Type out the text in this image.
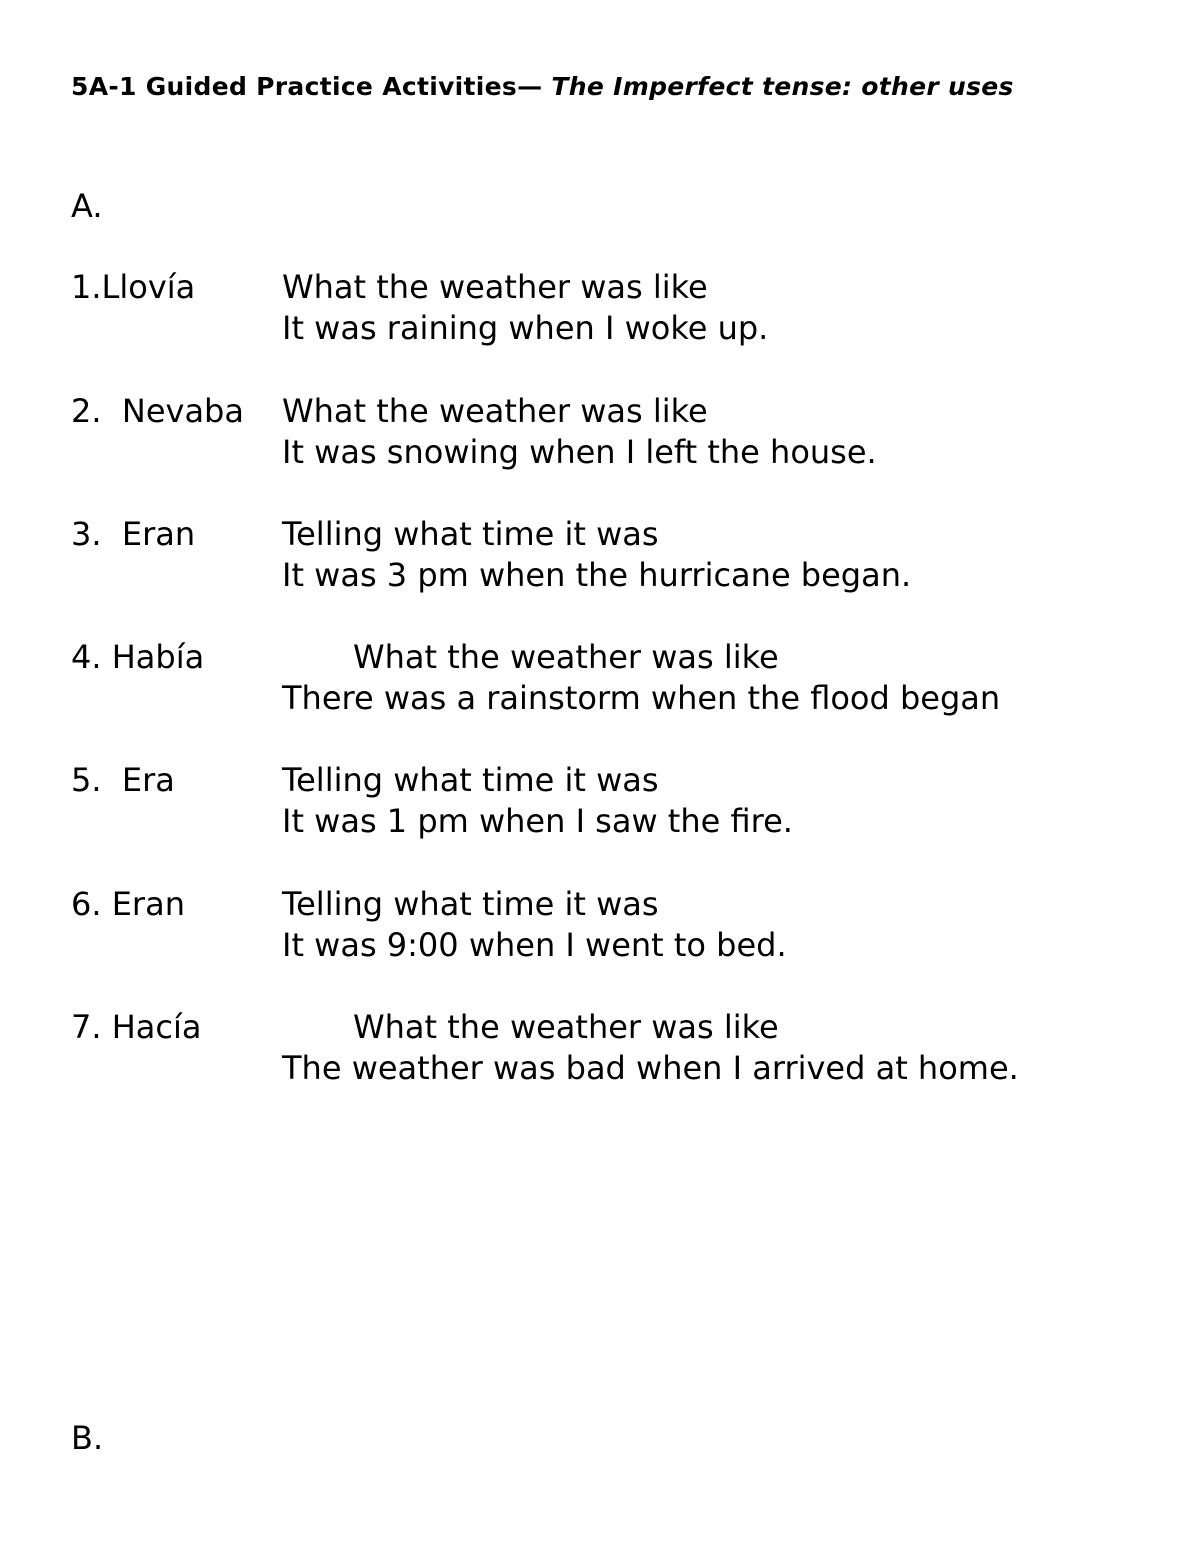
5A-1 Guided Practice Activities— The Imperfect tense: other uses
A.
1.Llovía	What the weather was like
It was raining when I woke up.
2.  Nevaba What the weather was like
It was snowing when I left the house.
3.  Eran	Telling what time it was
It was 3 pm when the hurricane began.
4. Había	What the weather was like
There was a rainstorm when the flood began
5.  Era	Telling what time it was
It was 1 pm when I saw the fire.
6. Eran	Telling what time it was
It was 9:00 when I went to bed.
7. Hacía	What the weather was like
The weather was bad when I arrived at home.
B.
